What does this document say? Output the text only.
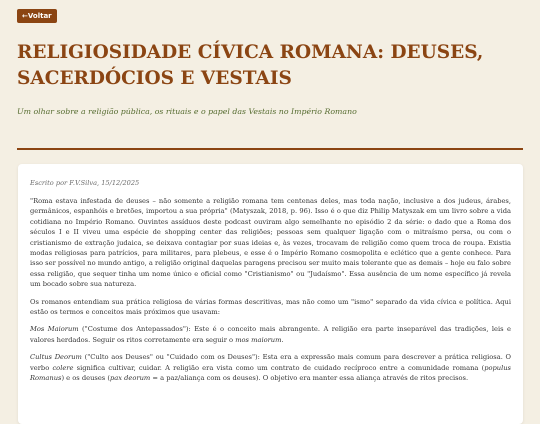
←Voltar
RELIGIOSIDADE CÍVICA ROMANA: DEUSES, SACERDÓCIOS E VESTAIS
Um olhar sobre a religião pública, os rituais e o papel das Vestais no Império Romano
Escrito por F.V.Silva, 15/12/2025

"Roma estava infestada de deuses – não somente a religião romana tem centenas deles, mas toda nação, inclusive a dos judeus, árabes, germânicos, espanhóis e bretões, importou a sua própria" (Matyszak, 2018, p. 96). Isso é o que diz Philip Matyszak em um livro sobre a vida cotidiana no Império Romano. Ouvintes assíduos deste podcast ouviram algo semelhante no episódio 2 da série: o dado que a Roma dos séculos I e II viveu uma espécie de shopping center das religiões; pessoas sem qualquer ligação com o mitraísmo persa, ou com o cristianismo de extração judaica, se deixava contagiar por suas ideias e, às vezes, trocavam de religião como quem troca de roupa. Existia modas religiosas para patrícios, para militares, para plebeus, e esse é o Império Romano cosmopolita e eclético que a gente conhece. Para isso ser possível no mundo antigo, a religião original daquelas paragens precisou ser muito mais tolerante que as demais – hoje eu falo sobre essa religião, que sequer tinha um nome único e oficial como "Cristianismo" ou "Judaísmo". Essa ausência de um nome específico já revela um bocado sobre sua natureza.

Os romanos entendiam sua prática religiosa de várias formas descritivas, mas não como um "ismo" separado da vida cívica e política. Aqui estão os termos e conceitos mais próximos que usavam:

Mos Maiorum ("Costume dos Antepassados"): Este é o conceito mais abrangente. A religião era parte inseparável das tradições, leis e valores herdados. Seguir os ritos corretamente era seguir o mos maiorum.

Cultus Deorum ("Culto aos Deuses" ou "Cuidado com os Deuses"): Esta era a expressão mais comum para descrever a prática religiosa. O verbo colere significa cultivar, cuidar. A religião era vista como um contrato de cuidado recíproco entre a comunidade romana (populus Romanus) e os deuses (pax deorum = a paz/aliança com os deuses). O objetivo era manter essa aliança através de ritos precisos.
